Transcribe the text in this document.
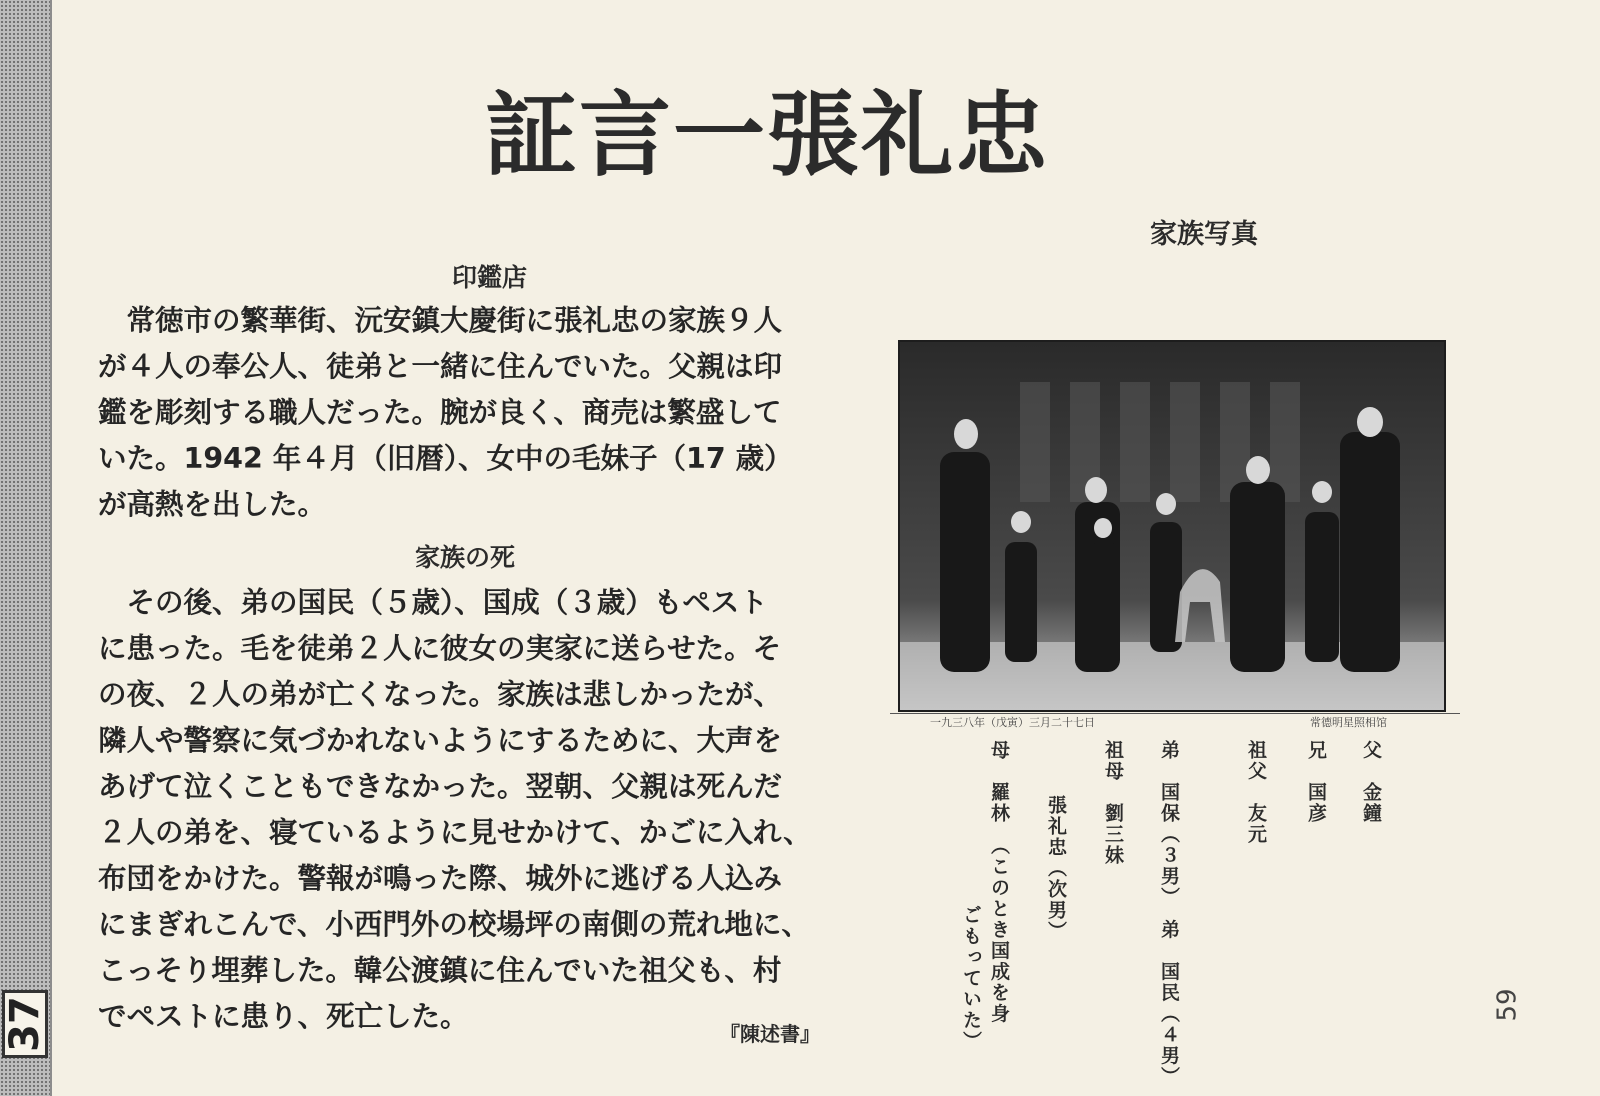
37
証言一張礼忠
家族写真
印鑑店
　常徳市の繁華街、沅安鎮大慶街に張礼忠の家族９人
が４人の奉公人、徒弟と一緒に住んでいた。父親は印
鑑を彫刻する職人だった。腕が良く、商売は繁盛して
いた。1942 年４月（旧暦）、女中の毛妹子（17 歳）
が高熱を出した。
家族の死
　その後、弟の国民（５歳）、国成（３歳）もペスト
に患った。毛を徒弟２人に彼女の実家に送らせた。そ
の夜、２人の弟が亡くなった。家族は悲しかったが、
隣人や警察に気づかれないようにするために、大声を
あげて泣くこともできなかった。翌朝、父親は死んだ
２人の弟を、寝ているように見せかけて、かごに入れ、
布団をかけた。警報が鳴った際、城外に逃げる人込み
にまぎれこんで、小西門外の校場坪の南側の荒れ地に、
こっそり埋葬した。韓公渡鎮に住んでいた祖父も、村
でペストに患り、死亡した。
『陳述書』
一九三八年（戊寅）三月二十七日	常德明星照相馆
父　金鐘
兄　国彦
祖父　友元
弟　国保（３男）　弟　国民（４男）
祖母　劉三妹
張礼忠（次男）
母　羅林　（このとき国成を身
ごもっていた）	59
